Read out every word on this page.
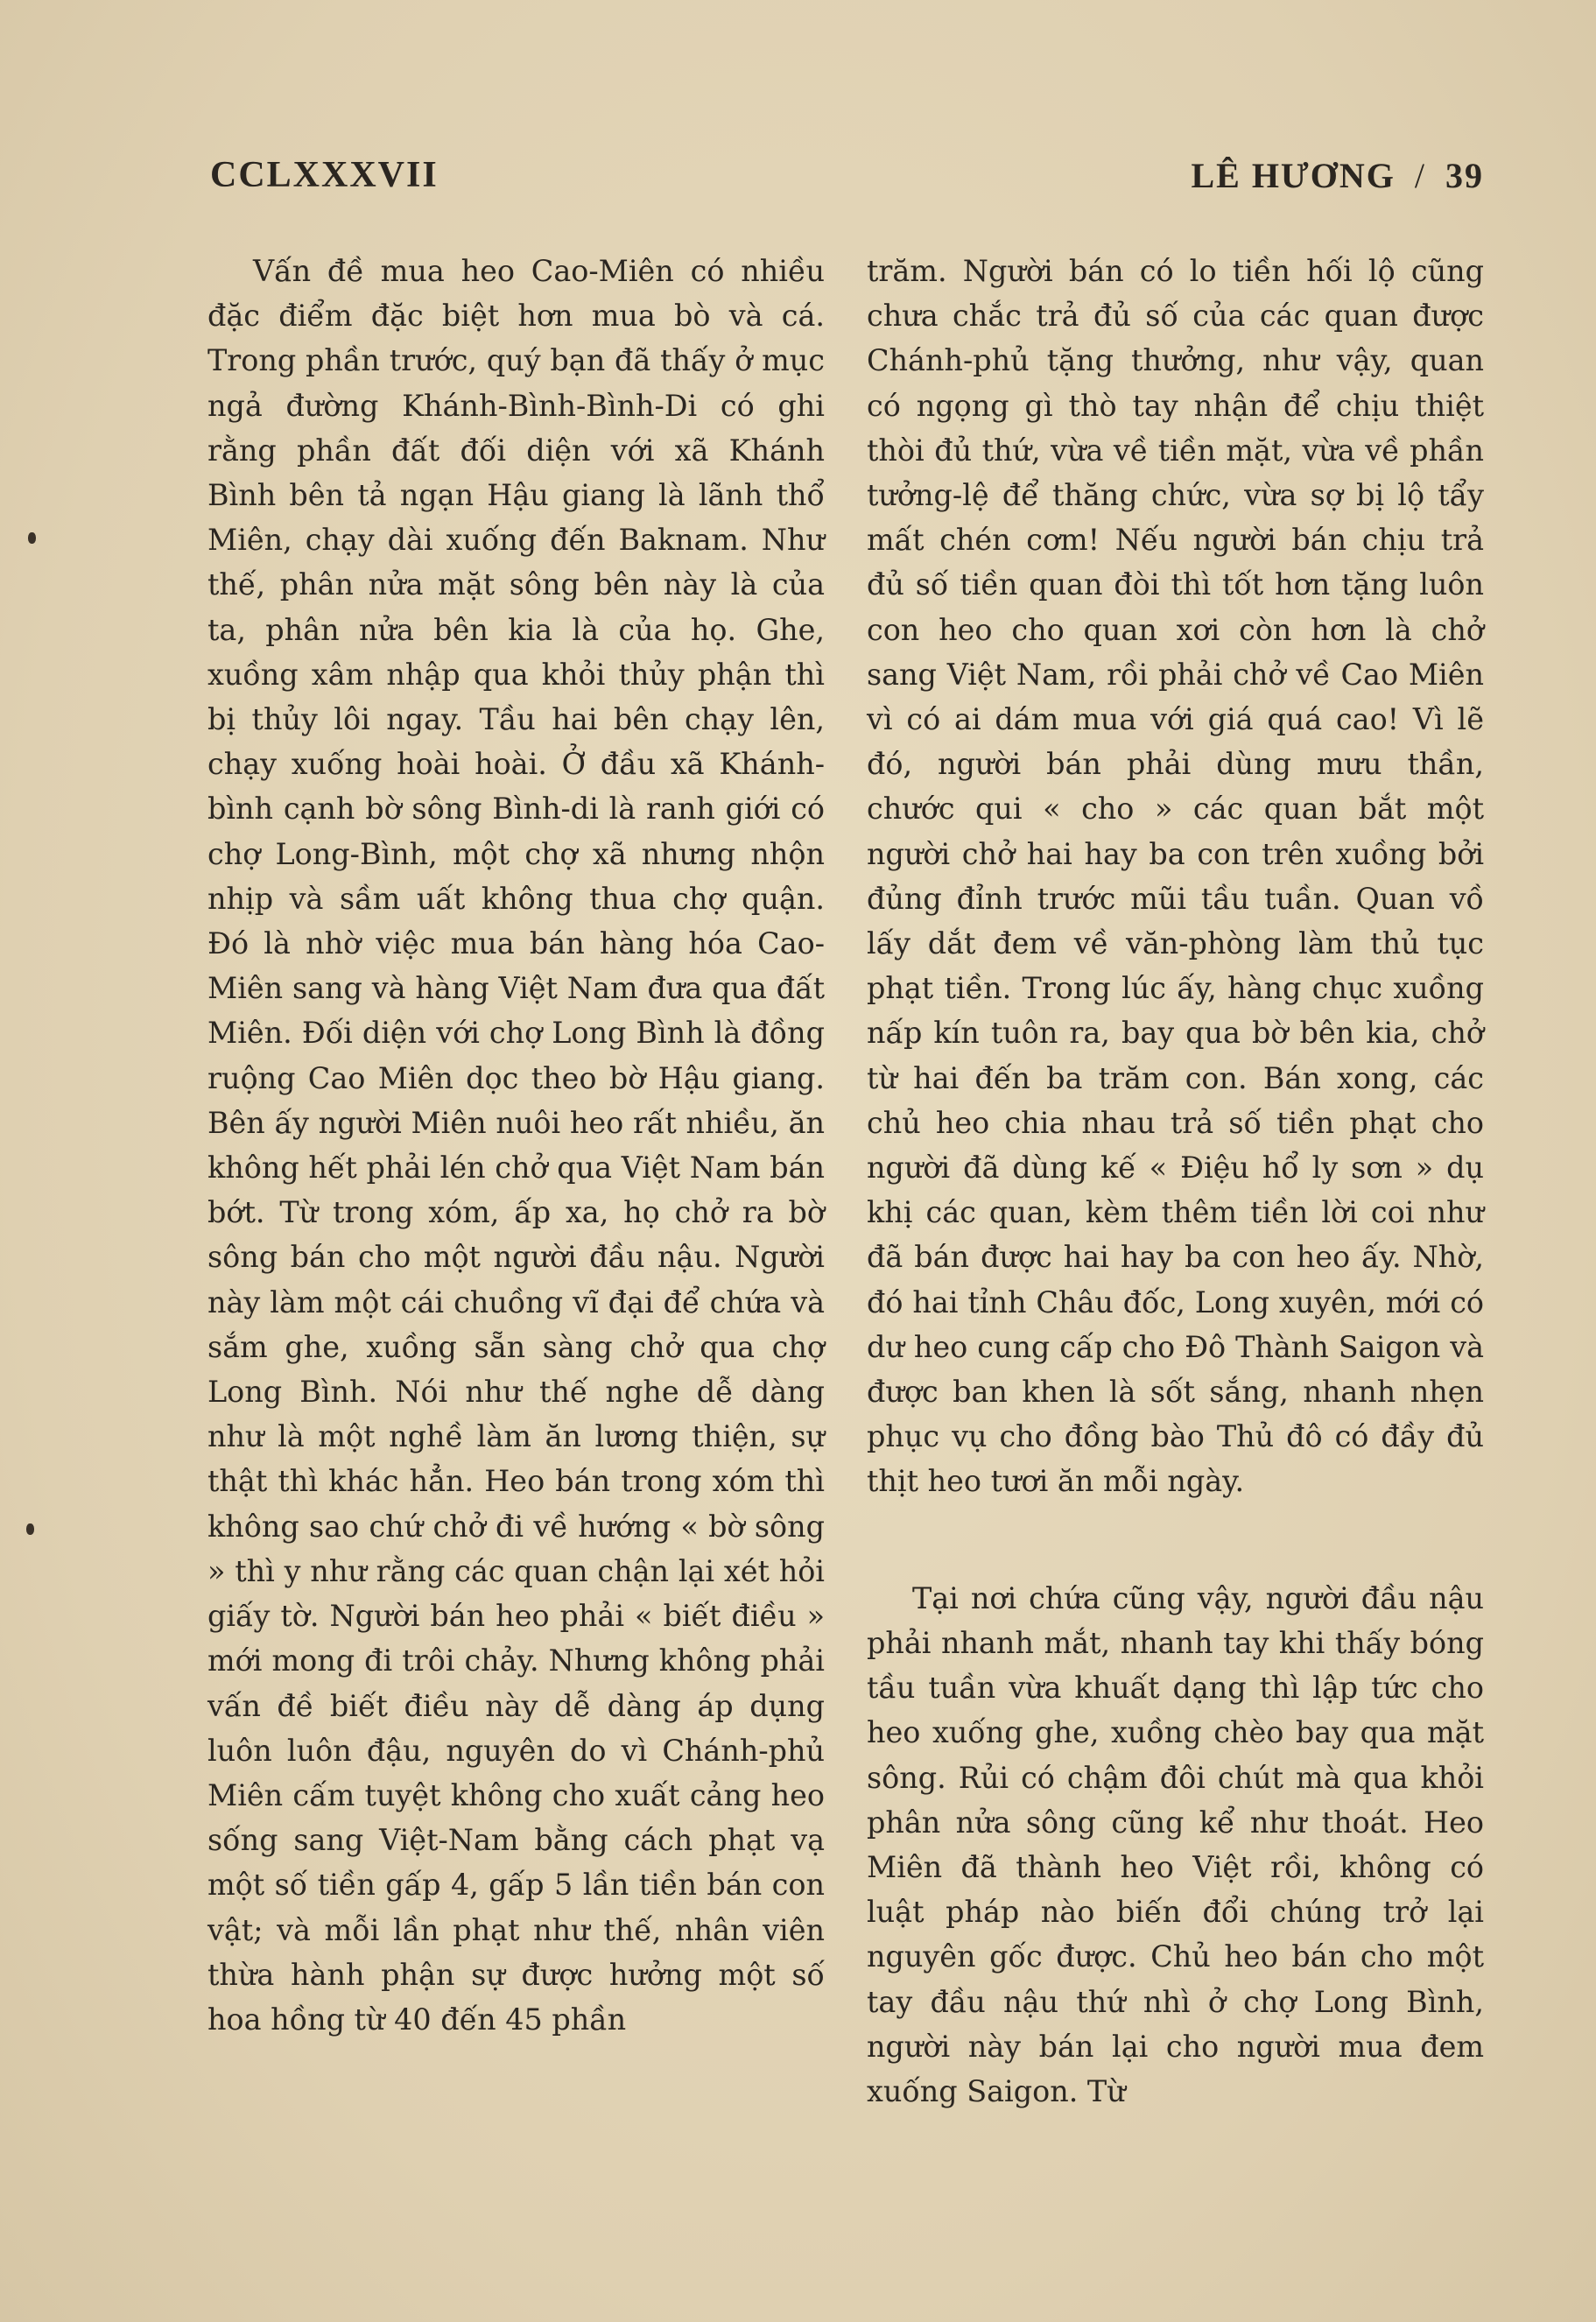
CCLXXXVII	LÊ HƯƠNG / 39

Vấn đề mua heo Cao-Miên có nhiều đặc điểm đặc biệt hơn mua bò và cá. Trong phần trước, quý bạn đã thấy ở mục ngả đường Khánh-Bình-Bình-Di có ghi rằng phần đất đối diện với xã Khánh Bình bên tả ngạn Hậu giang là lãnh thổ Miên, chạy dài xuống đến Baknam. Như thế, phân nửa mặt sông bên này là của ta, phân nửa bên kia là của họ. Ghe, xuồng xâm nhập qua khỏi thủy phận thì bị thủy lôi ngay. Tầu hai bên chạy lên, chạy xuống hoài hoài. Ở đầu xã Khánh-bình cạnh bờ sông Bình-di là ranh giới có chợ Long-Bình, một chợ xã nhưng nhộn nhịp và sầm uất không thua chợ quận. Đó là nhờ việc mua bán hàng hóa Cao-Miên sang và hàng Việt Nam đưa qua đất Miên. Đối diện với chợ Long Bình là đồng ruộng Cao Miên dọc theo bờ Hậu giang. Bên ấy người Miên nuôi heo rất nhiều, ăn không hết phải lén chở qua Việt Nam bán bớt. Từ trong xóm, ấp xa, họ chở ra bờ sông bán cho một người đầu nậu. Người này làm một cái chuồng vĩ đại để chứa và sắm ghe, xuồng sẵn sàng chở qua chợ Long Bình. Nói như thế nghe dễ dàng như là một nghề làm ăn lương thiện, sự thật thì khác hẳn. Heo bán trong xóm thì không sao chứ chở đi về hướng « bờ sông » thì y như rằng các quan chận lại xét hỏi giấy tờ. Người bán heo phải « biết điều » mới mong đi trôi chảy. Nhưng không phải vấn đề biết điều này dễ dàng áp dụng luôn luôn đậu, nguyên do vì Chánh-phủ Miên cấm tuyệt không cho xuất cảng heo sống sang Việt-Nam bằng cách phạt vạ một số tiền gấp 4, gấp 5 lần tiền bán con vật; và mỗi lần phạt như thế, nhân viên thừa hành phận sự được hưởng một số hoa hồng từ 40 đến 45 phần

trăm. Người bán có lo tiền hối lộ cũng chưa chắc trả đủ số của các quan được Chánh-phủ tặng thưởng, như vậy, quan có ngọng gì thò tay nhận để chịu thiệt thòi đủ thứ, vừa về tiền mặt, vừa về phần tưởng-lệ để thăng chức, vừa sợ bị lộ tẩy mất chén cơm! Nếu người bán chịu trả đủ số tiền quan đòi thì tốt hơn tặng luôn con heo cho quan xơi còn hơn là chở sang Việt Nam, rồi phải chở về Cao Miên vì có ai dám mua với giá quá cao! Vì lẽ đó, người bán phải dùng mưu thần, chước qui « cho » các quan bắt một người chở hai hay ba con trên xuồng bởi đủng đỉnh trước mũi tầu tuần. Quan vồ lấy dắt đem về văn-phòng làm thủ tục phạt tiền. Trong lúc ấy, hàng chục xuồng nấp kín tuôn ra, bay qua bờ bên kia, chở từ hai đến ba trăm con. Bán xong, các chủ heo chia nhau trả số tiền phạt cho người đã dùng kế « Điệu hổ ly sơn » dụ khị các quan, kèm thêm tiền lời coi như đã bán được hai hay ba con heo ấy. Nhờ, đó hai tỉnh Châu đốc, Long xuyên, mới có dư heo cung cấp cho Đô Thành Saigon và được ban khen là sốt sắng, nhanh nhẹn phục vụ cho đồng bào Thủ đô có đầy đủ thịt heo tươi ăn mỗi ngày.

Tại nơi chứa cũng vậy, người đầu nậu phải nhanh mắt, nhanh tay khi thấy bóng tầu tuần vừa khuất dạng thì lập tức cho heo xuống ghe, xuồng chèo bay qua mặt sông. Rủi có chậm đôi chút mà qua khỏi phân nửa sông cũng kể như thoát. Heo Miên đã thành heo Việt rồi, không có luật pháp nào biến đổi chúng trở lại nguyên gốc được. Chủ heo bán cho một tay đầu nậu thứ nhì ở chợ Long Bình, người này bán lại cho người mua đem xuống Saigon. Từ
